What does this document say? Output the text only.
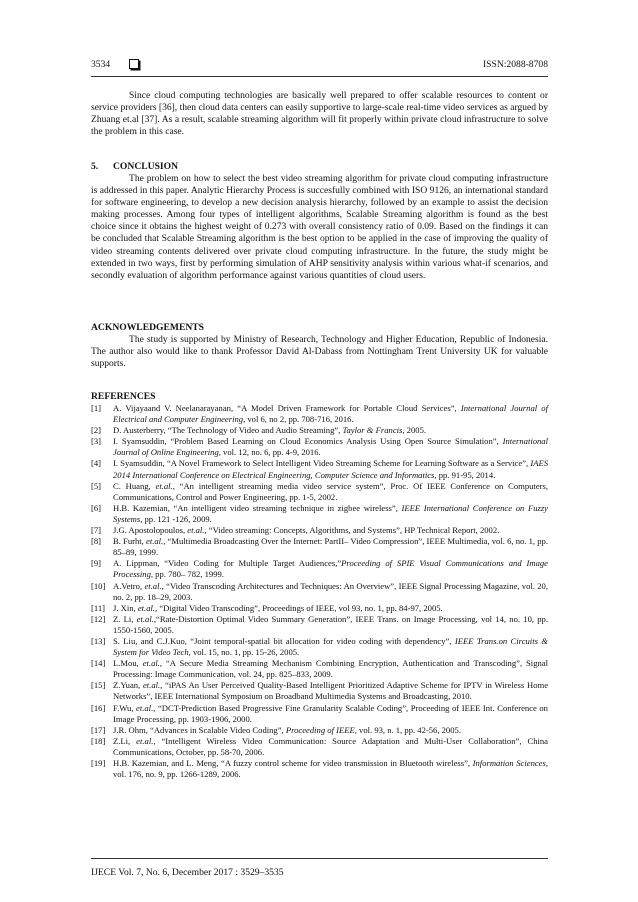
3534	ISSN:2088-8708

Since cloud computing technologies are basically well prepared to offer scalable resources to content or service providers [36], then cloud data centers can easily supportive to large-scale real-time video services as argued by Zhuang et.al [37]. As a result, scalable streaming algorithm will fit properly within private cloud infrastructure to solve the problem in this case.

5. CONCLUSION

The problem on how to select the best video streaming algorithm for private cloud computing infrastructure is addressed in this paper. Analytic Hierarchy Process is succesfully combined with ISO 9126, an international standard for software engineering, to develop a new decision analysis hierarchy, followed by an example to assist the decision making processes. Among four types of intelligent algorithms, Scalable Streaming algorithm is found as the best choice since it obtains the highest weight of 0.273 with overall consistency ratio of 0.09. Based on the findings it can be concluded that Scalable Streaming algorithm is the best option to be applied in the case of improving the quality of video streaming contents delivered over private cloud computing infrastructure. In the future, the study might be extended in two ways, first by performing simulation of AHP sensitivity analysis within various what-if scenarios, and secondly evaluation of algorithm performance against various quantities of cloud users.

ACKNOWLEDGEMENTS

The study is supported by Ministry of Research, Technology and Higher Education, Republic of Indonesia. The author also would like to thank Professor David Al-Dabass from Nottingham Trent University UK for valuable supports.

REFERENCES

[1] A. Vijayaand V. Neelanarayanan, “A Model Driven Framework for Portable Cloud Services”, International Journal of Electrical and Computer Engineering, vol 6, no 2, pp. 708-716, 2016.
[2] D. Austerberry, “The Technology of Video and Audio Streaming”, Taylor & Francis, 2005.
[3] I. Syamsuddin, “Problem Based Learning on Cloud Economics Analysis Using Open Source Simulation”, International Journal of Online Engineering, vol. 12, no. 6, pp. 4-9, 2016.
[4] I. Syamsuddin, “A Novel Framework to Select Intelligent Video Streaming Scheme for Learning Software as a Service”, IAES 2014 International Conference on Electrical Engineering, Computer Science and Informatics, pp. 91-95, 2014.
[5] C. Huang, et.al., “An intelligent streaming media video service system”, Proc. Of IEEE Conference on Computers, Communications, Control and Power Engineering, pp. 1-5, 2002.
[6] H.B. Kazemian, “An intelligent video streaming technique in zigbee wireless”, IEEE International Conference on Fuzzy Systems, pp. 121 -126, 2009.
[7] J.G. Apostolopoulos, et.al., “Video streaming: Concepts, Algorithms, and Systems”, HP Technical Report, 2002.
[8] B. Furht, et.al., “Multimedia Broadcasting Over the Internet: PartII– Video Compression”, IEEE Multimedia, vol. 6, no. 1, pp. 85–89, 1999.
[9] A. Lippman, “Video Coding for Multiple Target Audiences,”Proceeding of SPIE Visual Communications and Image Processing, pp. 780– 782, 1999.
[10] A.Vetro, et.al., “Video Transcoding Architectures and Techniques: An Overview”, IEEE Signal Processing Magazine, vol. 20, no. 2, pp. 18–29, 2003.
[11] J. Xin, et.al., “Digital Video Transcoding”, Proceedings of IEEE, vol 93, no. 1, pp. 84-97, 2005.
[12] Z. Li, et.al.,“Rate-Distortion Optimal Video Summary Generation”, IEEE Trans. on Image Processing, vol 14, no. 10, pp. 1550-1560, 2005.
[13] S. Liu, and C.J.Kuo, “Joint temporal-spatial bit allocation for video coding with dependency”, IEEE Trans.on Circuits & System for Video Tech, vol. 15, no. 1, pp. 15-26, 2005.
[14] L.Mou, et.al., “A Secure Media Streaming Mechanism Combining Encryption, Authentication and Transcoding”, Signal Processing: Image Communication, vol. 24, pp. 825–833, 2009.
[15] Z.Yuan, et.al., “iPAS An User Perceived Quality-Based Intelligent Prioritized Adaptive Scheme for IPTV in Wireless Home Networks”, IEEE International Symposium on Broadband Multimedia Systems and Broadcasting, 2010.
[16] F.Wu, et.al., “DCT-Prediction Based Progressive Fine Granularity Scalable Coding”, Proceeding of IEEE Int. Conference on Image Processing, pp. 1903-1906, 2000.
[17] J.R. Ohm, “Advances in Scalable Video Coding”, Proceeding of IEEE, vol. 93, n. 1, pp. 42-56, 2005.
[18] Z.Li, et.al., “Intelligent Wireless Video Communication: Source Adaptation and Multi-User Collaboration”, China Communications, October, pp. 58-70, 2006.
[19] H.B. Kazemian, and L. Meng, “A fuzzy control scheme for video transmission in Bluetooth wireless”, Information Sciences, vol. 176, no. 9, pp. 1266-1289, 2006.
IJECE Vol. 7, No. 6, December 2017 : 3529–3535
